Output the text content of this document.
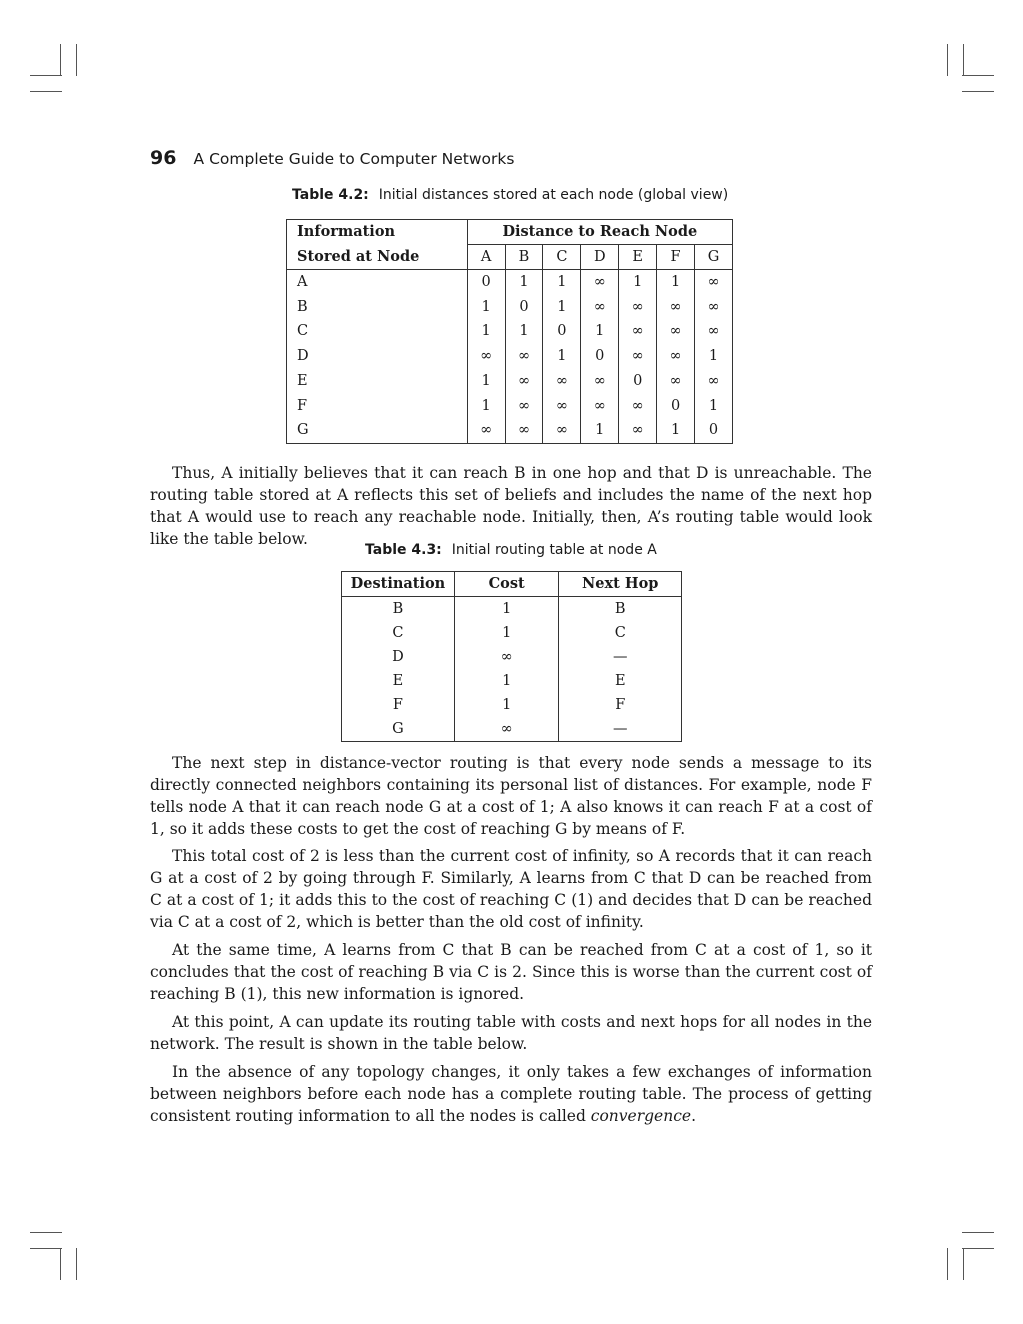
96 A Complete Guide to Computer Networks
Table 4.2: Initial distances stored at each node (global view)
Information	Distance to Reach Node						
Stored at Node	A	B	C	D	E	F	G
A	0	1	1	∞	1	1	∞
B	1	0	1	∞	∞	∞	∞
C	1	1	0	1	∞	∞	∞
D	∞	∞	1	0	∞	∞	1
E	1	∞	∞	∞	0	∞	∞
F	1	∞	∞	∞	∞	0	1
G	∞	∞	∞	1	∞	1	0

Thus, A initially believes that it can reach B in one hop and that D is unreachable. The routing table stored at A reflects this set of beliefs and includes the name of the next hop that A would use to reach any reachable node. Initially, then, A’s routing table would look like the table below.

Table 4.3: Initial routing table at node A
Destination	Cost	Next Hop
B	1	B
C	1	C
D	∞	—
E	1	E
F	1	F
G	∞	—

The next step in distance-vector routing is that every node sends a message to its directly connected neighbors containing its personal list of distances. For example, node F tells node A that it can reach node G at a cost of 1; A also knows it can reach F at a cost of 1, so it adds these costs to get the cost of reaching G by means of F.

This total cost of 2 is less than the current cost of infinity, so A records that it can reach G at a cost of 2 by going through F. Similarly, A learns from C that D can be reached from C at a cost of 1; it adds this to the cost of reaching C (1) and decides that D can be reached via C at a cost of 2, which is better than the old cost of infinity.

At the same time, A learns from C that B can be reached from C at a cost of 1, so it concludes that the cost of reaching B via C is 2. Since this is worse than the current cost of reaching B (1), this new information is ignored.

At this point, A can update its routing table with costs and next hops for all nodes in the network. The result is shown in the table below.

In the absence of any topology changes, it only takes a few exchanges of information between neighbors before each node has a complete routing table. The process of getting consistent routing information to all the nodes is called convergence.
